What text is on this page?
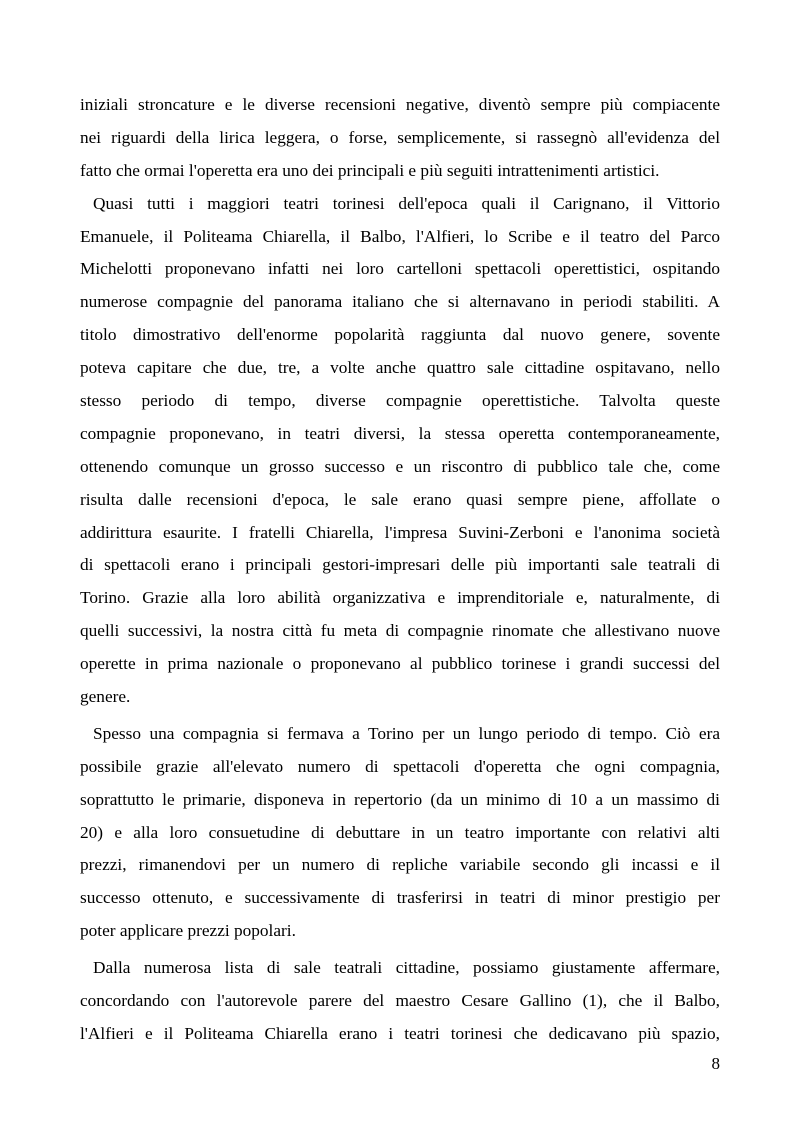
iniziali stroncature e le diverse recensioni negative, diventò sempre più compiacente
nei riguardi della lirica leggera, o forse, semplicemente, si rassegnò all'evidenza del
fatto che ormai l'operetta era uno dei principali e più seguiti intrattenimenti artistici.
Quasi tutti i maggiori teatri torinesi dell'epoca quali il Carignano, il Vittorio
Emanuele, il Politeama Chiarella, il Balbo, l'Alfieri, lo Scribe e il teatro del Parco
Michelotti proponevano infatti nei loro cartelloni spettacoli operettistici, ospitando
numerose compagnie del panorama italiano che si alternavano in periodi stabiliti. A
titolo dimostrativo dell'enorme popolarità raggiunta dal nuovo genere, sovente
poteva capitare che due, tre, a volte anche quattro sale cittadine ospitavano, nello
stesso periodo di tempo, diverse compagnie operettistiche. Talvolta queste
compagnie proponevano, in teatri diversi, la stessa operetta contemporaneamente,
ottenendo comunque un grosso successo e un riscontro di pubblico tale che, come
risulta dalle recensioni d'epoca, le sale erano quasi sempre piene, affollate o
addirittura esaurite. I fratelli Chiarella, l'impresa Suvini-Zerboni e l'anonima società
di spettacoli erano i principali gestori-impresari delle più importanti sale teatrali di
Torino. Grazie alla loro abilità organizzativa e imprenditoriale e, naturalmente, di
quelli successivi, la nostra città fu meta di compagnie rinomate che allestivano nuove
operette in prima nazionale o proponevano al pubblico torinese i grandi successi del
genere.
Spesso una compagnia si fermava a Torino per un lungo periodo di tempo. Ciò era
possibile grazie all'elevato numero di spettacoli d'operetta che ogni compagnia,
soprattutto le primarie, disponeva in repertorio (da un minimo di 10 a un massimo di
20) e alla loro consuetudine di debuttare in un teatro importante con relativi alti
prezzi, rimanendovi per un numero di repliche variabile secondo gli incassi e il
successo ottenuto, e successivamente di trasferirsi in teatri di minor prestigio per
poter applicare prezzi popolari.
Dalla numerosa lista di sale teatrali cittadine, possiamo giustamente affermare,
concordando con l'autorevole parere del maestro Cesare Gallino (1), che il Balbo,
l'Alfieri e il Politeama Chiarella erano i teatri torinesi che dedicavano più spazio,
8
